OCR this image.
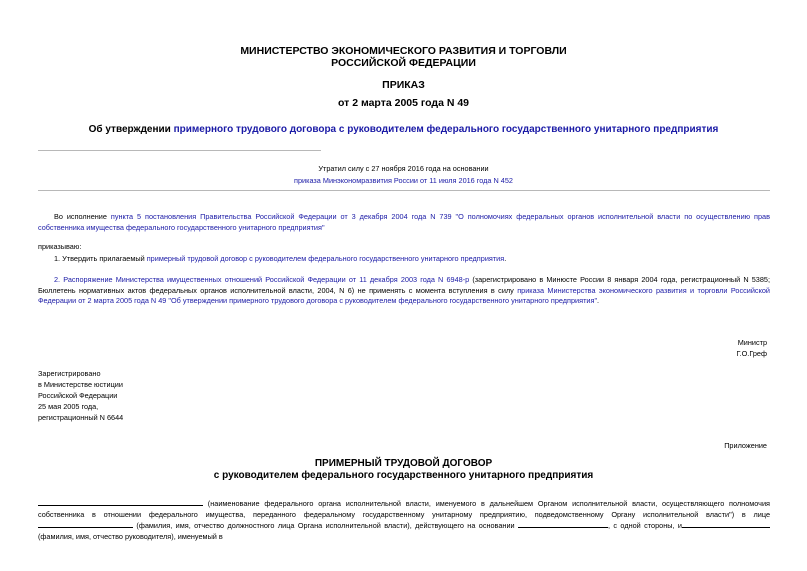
МИНИСТЕРСТВО ЭКОНОМИЧЕСКОГО РАЗВИТИЯ И ТОРГОВЛИ
РОССИЙСКОЙ ФЕДЕРАЦИИ
ПРИКАЗ
от 2 марта 2005 года N 49
Об утверждении примерного трудового договора с руководителем федерального государственного унитарного предприятия
Утратил силу с 27 ноября 2016 года на основании
приказа Минэкономразвития России от 11 июля 2016 года N 452
Во исполнение пункта 5 постановления Правительства Российской Федерации от 3 декабря 2004 года N 739 "О полномочиях федеральных органов исполнительной власти по осуществлению прав собственника имущества федерального государственного унитарного предприятия"
приказываю:
1. Утвердить прилагаемый примерный трудовой договор с руководителем федерального государственного унитарного предприятия.
2. Распоряжение Министерства имущественных отношений Российской Федерации от 11 декабря 2003 года N 6948-р (зарегистрировано в Минюсте России 8 января 2004 года, регистрационный N 5385; Бюллетень нормативных актов федеральных органов исполнительной власти, 2004, N 6) не применять с момента вступления в силу приказа Министерства экономического развития и торговли Российской Федерации от 2 марта 2005 года N 49 "Об утверждении примерного трудового договора с руководителем федерального государственного унитарного предприятия".
Министр
Г.О.Греф
Зарегистрировано
в Министерстве юстиции
Российской Федерации
25 мая 2005 года,
регистрационный N 6644
Приложение
ПРИМЕРНЫЙ ТРУДОВОЙ ДОГОВОР
с руководителем федерального государственного унитарного предприятия
(наименование федерального органа исполнительной власти, именуемого в дальнейшем Органом исполнительной власти, осуществляющего полномочия собственника в отношении федерального имущества, переданного федеральному государственному унитарному предприятию, подведомственному Органу исполнительной власти") в лице (фамилия, имя, отчество должностного лица Органа исполнительной власти), действующего на основании	, с одной стороны, и (фамилия, имя, отчество руководителя), именуемый в
